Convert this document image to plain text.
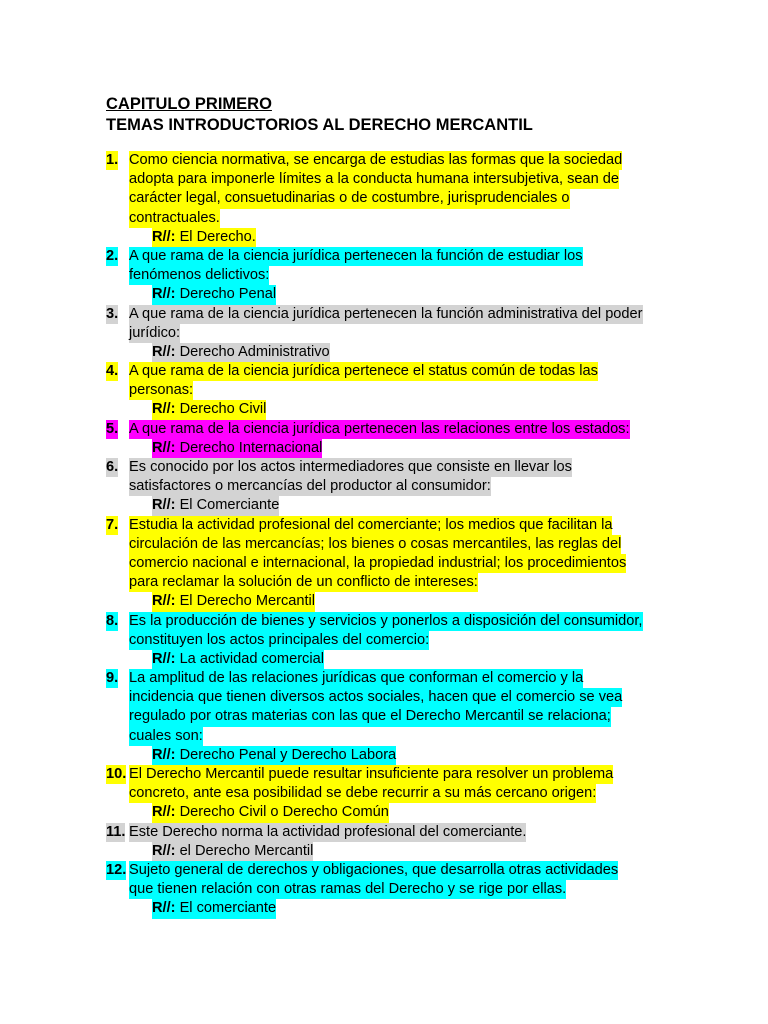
CAPITULO PRIMERO
TEMAS INTRODUCTORIOS AL DERECHO MERCANTIL
1. Como ciencia normativa, se encarga de estudias las formas que la sociedad
adopta para imponerle límites a la conducta humana intersubjetiva, sean de
carácter legal, consuetudinarias o de costumbre, jurisprudenciales o
contractuales.
R//: El Derecho.
2. A que rama de la ciencia jurídica pertenecen la función de estudiar los
fenómenos delictivos:
R//: Derecho Penal
3. A que rama de la ciencia jurídica pertenecen la función administrativa del poder
jurídico:
R//: Derecho Administrativo
4. A que rama de la ciencia jurídica pertenece el status común de todas las
personas:
R//: Derecho Civil
5. A que rama de la ciencia jurídica pertenecen las relaciones entre los estados:
R//: Derecho Internacional
6. Es conocido por los actos intermediadores que consiste en llevar los
satisfactores o mercancías del productor al consumidor:
R//: El Comerciante
7. Estudia la actividad profesional del comerciante; los medios que facilitan la
circulación de las mercancías; los bienes o cosas mercantiles, las reglas del
comercio nacional e internacional, la propiedad industrial; los procedimientos
para reclamar la solución de un conflicto de intereses:
R//: El Derecho Mercantil
8. Es la producción de bienes y servicios y ponerlos a disposición del consumidor,
constituyen los actos principales del comercio:
R//: La actividad comercial
9. La amplitud de las relaciones jurídicas que conforman el comercio y la
incidencia que tienen diversos actos sociales, hacen que el comercio se vea
regulado por otras materias con las que el Derecho Mercantil se relaciona;
cuales son:
R//: Derecho Penal y Derecho Labora
10. El Derecho Mercantil puede resultar insuficiente para resolver un problema
concreto, ante esa posibilidad se debe recurrir a su más cercano origen:
R//: Derecho Civil o Derecho Común
11. Este Derecho norma la actividad profesional del comerciante.
R//: el Derecho Mercantil
12. Sujeto general de derechos y obligaciones, que desarrolla otras actividades
que tienen relación con otras ramas del Derecho y se rige por ellas.
R//: El comerciante
